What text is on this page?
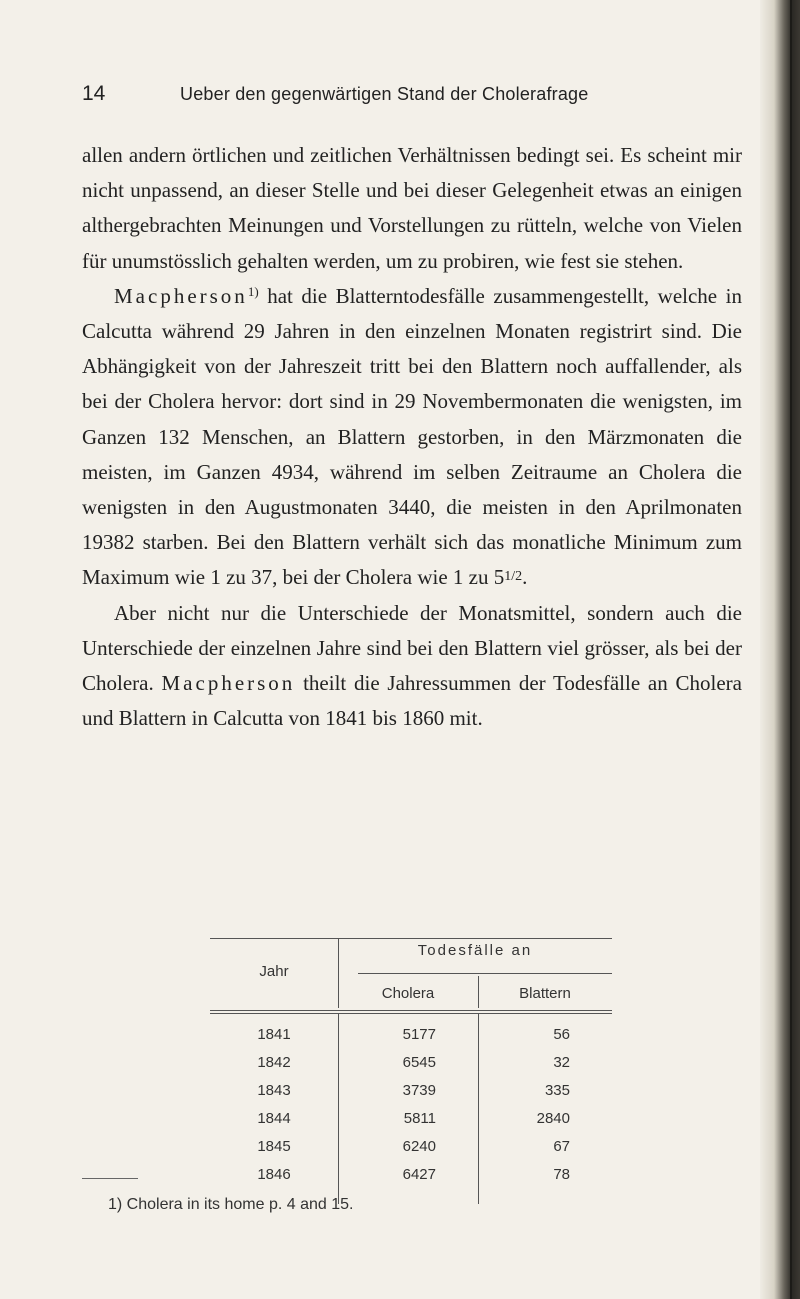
14	Ueber den gegenwärtigen Stand der Cholerafrage

allen andern örtlichen und zeitlichen Verhältnissen bedingt sei. Es scheint mir nicht unpassend, an dieser Stelle und bei dieser Gelegenheit etwas an einigen althergebrachten Meinungen und Vorstellungen zu rütteln, welche von Vielen für unumstösslich gehalten werden, um zu probiren, wie fest sie stehen.

Macpherson$^{1)}$ hat die Blatterntodesfälle zusammengestellt, welche in Calcutta während 29 Jahren in den einzelnen Monaten registrirt sind. Die Abhängigkeit von der Jahreszeit tritt bei den Blattern noch auffallender, als bei der Cholera hervor: dort sind in 29 Novembermonaten die wenigsten, im Ganzen 132 Menschen, an Blattern gestorben, in den Märzmonaten die meisten, im Ganzen 4934, während im selben Zeitraume an Cholera die wenigsten in den Augustmonaten 3440, die meisten in den Aprilmonaten 19382 starben. Bei den Blattern verhält sich das monatliche Minimum zum Maximum wie 1 zu 37, bei der Cholera wie 1 zu $5^{1/2}$.

Aber nicht nur die Unterschiede der Monatsmittel, sondern auch die Unterschiede der einzelnen Jahre sind bei den Blattern viel grösser, als bei der Cholera. Macpherson theilt die Jahressummen der Todesfälle an Cholera und Blattern in Calcutta von 1841 bis 1860 mit.

Jahr
Todesfälle an
Cholera	Blattern
1841	5177	56
1842	6545	32
1843	3739	335
1844	5811	2840
1845	6240	67
1846	6427	78
1) Cholera in its home p. 4 and 15.
